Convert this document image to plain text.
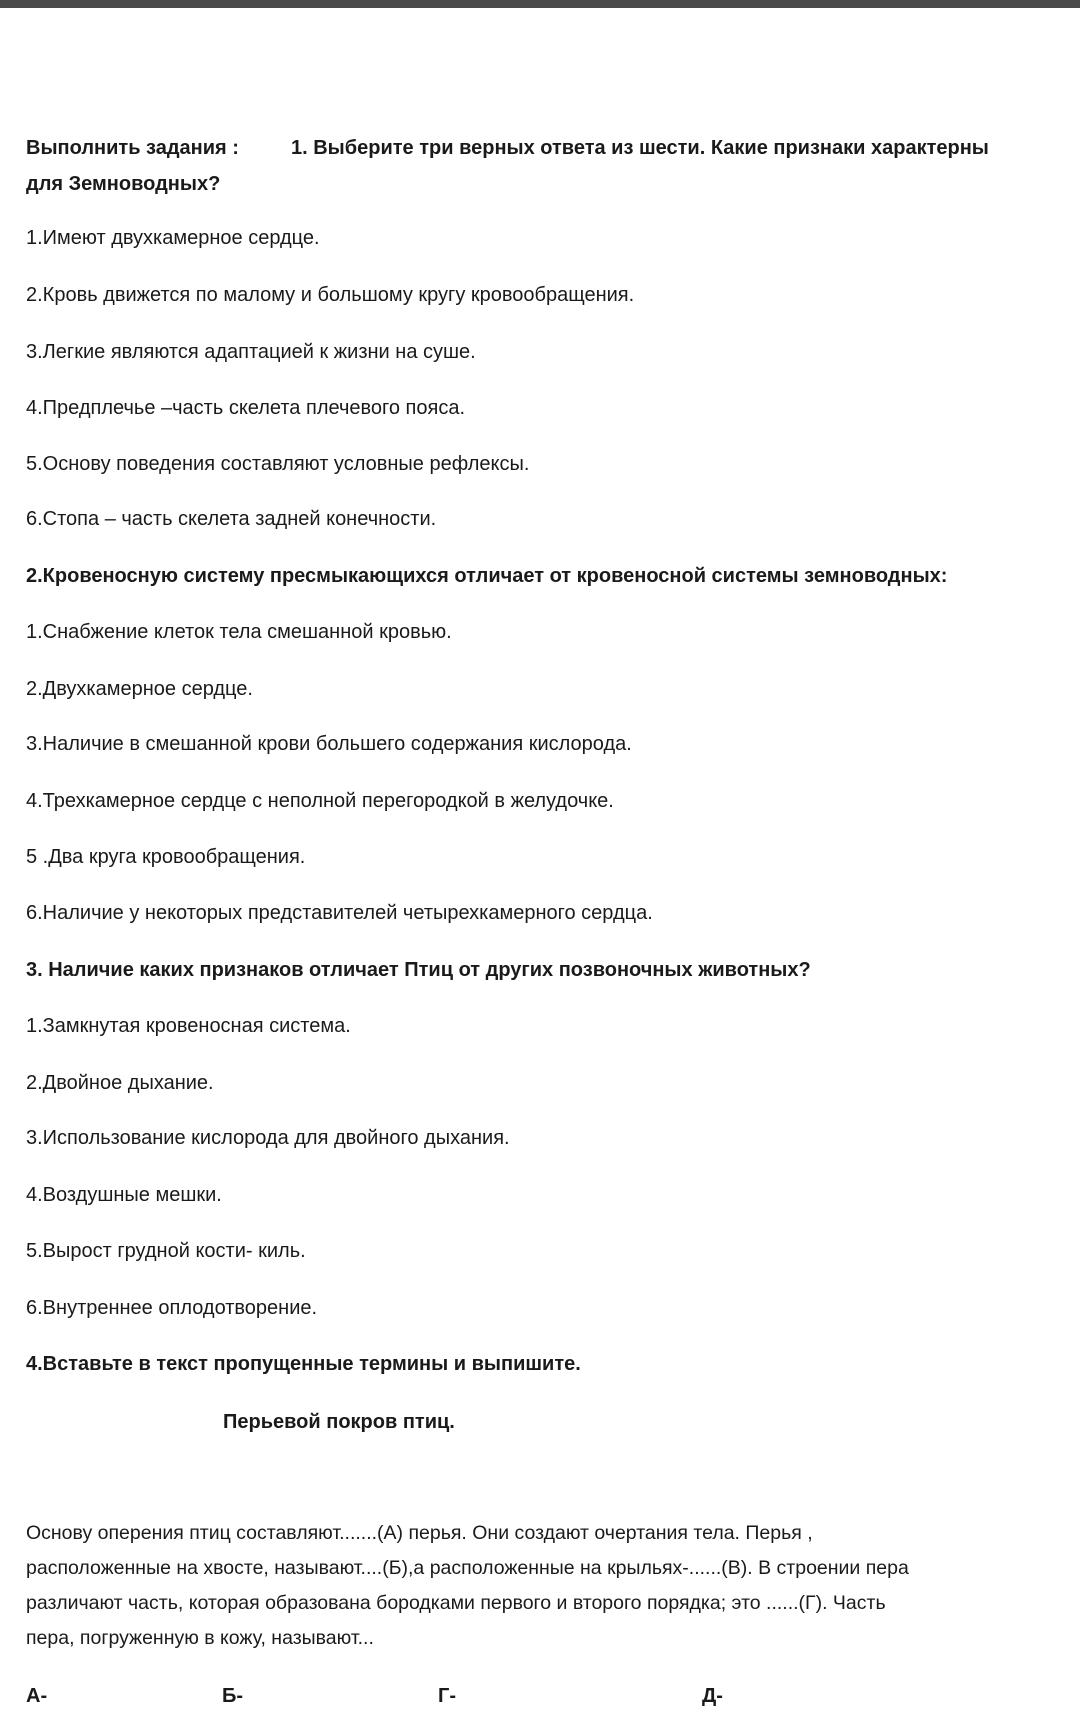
Выполнить задания :	1. Выберите три верных ответа из шести. Какие признаки характерны
для Земноводных?
1.Имеют двухкамерное сердце.
2.Кровь движется по малому и большому кругу кровообращения.
3.Легкие являются адаптацией к жизни на суше.
4.Предплечье –часть скелета плечевого пояса.
5.Основу поведения составляют условные рефлексы.
6.Стопа – часть скелета задней конечности.
2.Кровеносную систему пресмыкающихся отличает от кровеносной системы земноводных:
1.Снабжение клеток тела смешанной кровью.
2.Двухкамерное сердце.
3.Наличие в смешанной крови большего содержания кислорода.
4.Трехкамерное сердце с неполной перегородкой в желудочке.
5 .Два круга кровообращения.
6.Наличие у некоторых представителей четырехкамерного сердца.
3. Наличие каких признаков отличает Птиц от других позвоночных животных?
1.Замкнутая кровеносная система.
2.Двойное дыхание.
3.Использование кислорода для двойного дыхания.
4.Воздушные мешки.
5.Вырост грудной кости- киль.
6.Внутреннее оплодотворение.
4.Вставьте в текст пропущенные термины и выпишите.
Перьевой покров птиц.
Основу оперения птиц составляют.......(А) перья. Они создают очертания тела. Перья ,
расположенные на хвосте, называют....(Б),а расположенные на крыльях-......(В). В строении пера
различают часть, которая образована бородками первого и второго порядка; это ......(Г). Часть
пера, погруженную в кожу, называют...
А-	Б-	Г-	Д-
